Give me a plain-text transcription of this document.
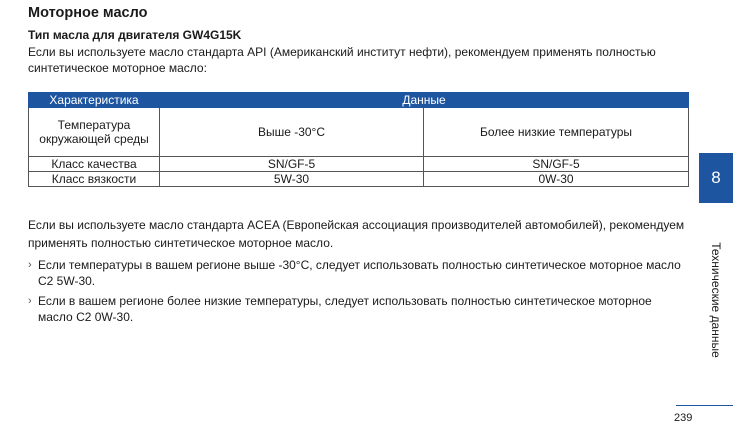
Моторное масло
Тип масла для двигателя GW4G15K

Если вы используете масло стандарта API (Американский институт нефти), рекомендуем применять полностью синтетическое моторное масло:

Характеристика	Данные	
Температура окружающей среды	Выше -30°C	Более низкие температуры
Класс качества	SN/GF-5	SN/GF-5
Класс вязкости	5W-30	0W-30

Если вы используете масло стандарта ACEA (Европейская ассоциация производителей автомобилей), рекомендуем применять полностью синтетическое моторное масло.

› Если температуры в вашем регионе выше -30°C, следует использовать полностью синтетическое моторное масло C2 5W-30.
› Если в вашем регионе более низкие температуры, следует использовать полностью синтетическое моторное масло C2 0W-30.
8
Технические данные
239
